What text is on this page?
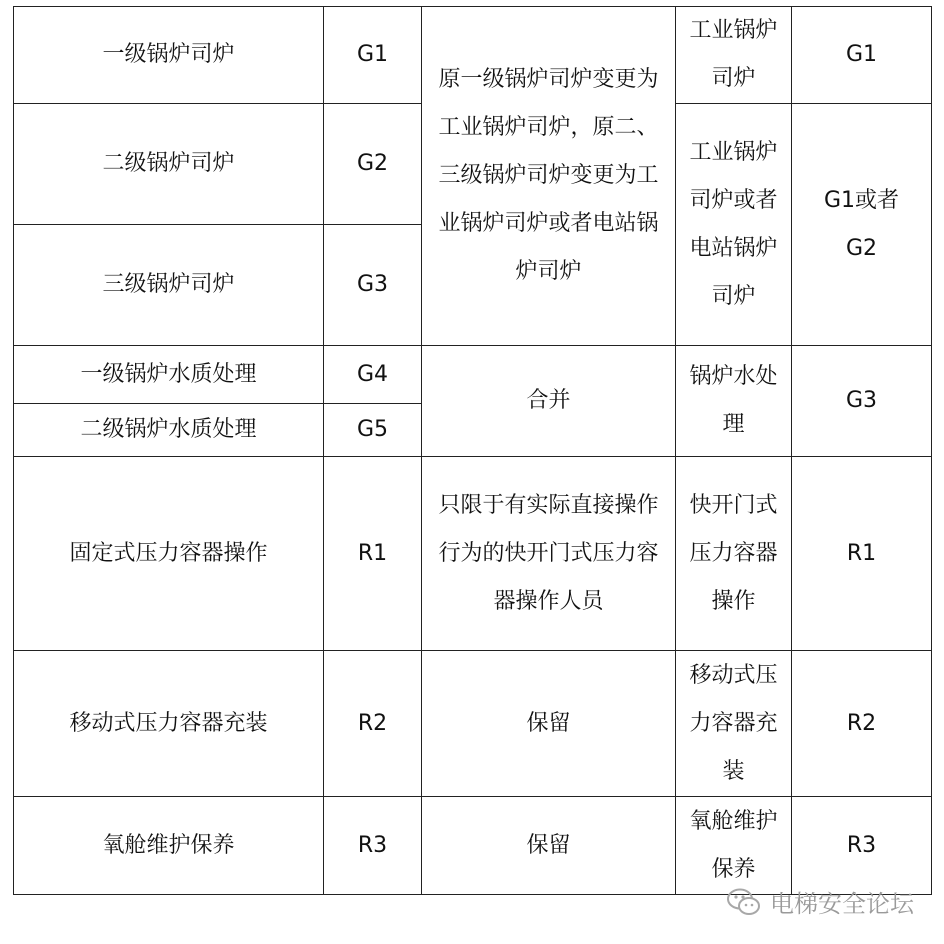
一级锅炉司炉	G1	原一级锅炉司炉变更为工业锅炉司炉，原二、三级锅炉司炉变更为工业锅炉司炉或者电站锅炉司炉	工业锅炉司炉	G1
二级锅炉司炉	G2		工业锅炉司炉或者电站锅炉司炉	G1或者G2
三级锅炉司炉	G3			
一级锅炉水质处理	G4	合并	锅炉水处理	G3
二级锅炉水质处理	G5			
固定式压力容器操作	R1	只限于有实际直接操作行为的快开门式压力容器操作人员	快开门式压力容器操作	R1
移动式压力容器充装	R2	保留	移动式压力容器充装	R2
氧舱维护保养	R3	保留	氧舱维护保养	R3
电梯安全论坛
